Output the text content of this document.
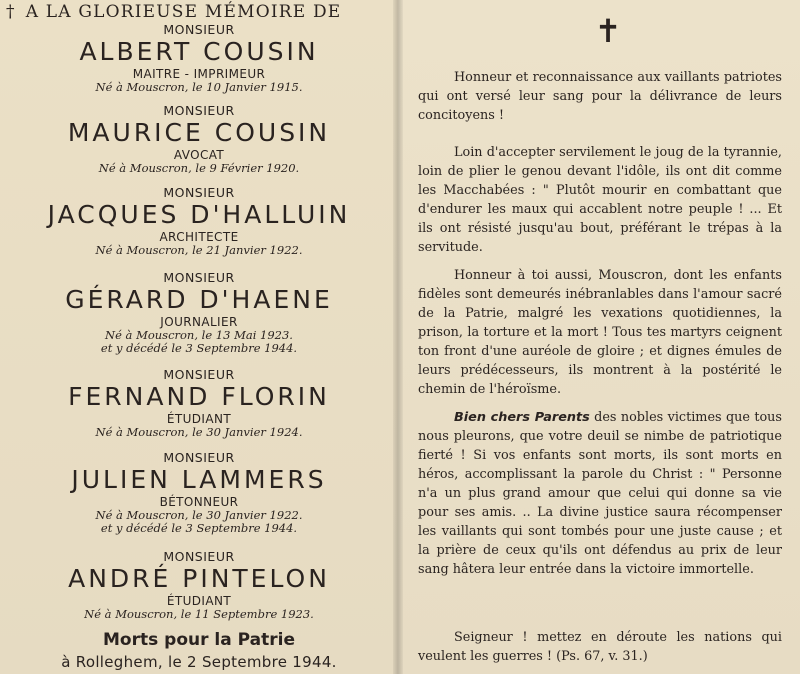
† A LA GLORIEUSE MÉMOIRE DE
MONSIEUR
ALBERT COUSIN
MAITRE - IMPRIMEUR
Né à Mouscron, le 10 Janvier 1915.
MONSIEUR
MAURICE COUSIN
AVOCAT
Né à Mouscron, le 9 Février 1920.
MONSIEUR
JACQUES D'HALLUIN
ARCHITECTE
Né à Mouscron, le 21 Janvier 1922.
MONSIEUR
GÉRARD D'HAENE
JOURNALIER
Né à Mouscron, le 13 Mai 1923.
et y décédé le 3 Septembre 1944.
MONSIEUR
FERNAND FLORIN
ÉTUDIANT
Né à Mouscron, le 30 Janvier 1924.
MONSIEUR
JULIEN LAMMERS
BÉTONNEUR
Né à Mouscron, le 30 Janvier 1922.
et y décédé le 3 Septembre 1944.
MONSIEUR
ANDRÉ PINTELON
ÉTUDIANT
Né à Mouscron, le 11 Septembre 1923.
Morts pour la Patrie
à Rolleghem, le 2 Septembre 1944.
✝
Honneur et reconnaissance aux vaillants patriotes qui ont versé leur sang pour la délivrance de leurs concitoyens !
Loin d'accepter servilement le joug de la tyrannie, loin de plier le genou devant l'idôle, ils ont dit comme les Macchabées : " Plutôt mourir en combattant que d'endurer les maux qui accablent notre peuple ! ... Et ils ont résisté jusqu'au bout, préférant le trépas à la servitude.
Honneur à toi aussi, Mouscron, dont les enfants fidèles sont demeurés inébranlables dans l'amour sacré de la Patrie, malgré les vexations quotidiennes, la prison, la torture et la mort ! Tous tes martyrs ceignent ton front d'une auréole de gloire ; et dignes émules de leurs prédécesseurs, ils montrent à la postérité le chemin de l'héroïsme.
Bien chers Parents des nobles victimes que tous nous pleurons, que votre deuil se nimbe de patriotique fierté ! Si vos enfants sont morts, ils sont morts en héros, accomplissant la parole du Christ : " Personne n'a un plus grand amour que celui qui donne sa vie pour ses amis. .. La divine justice saura récompenser les vaillants qui sont tombés pour une juste cause ; et la prière de ceux qu'ils ont défendus au prix de leur sang hâtera leur entrée dans la victoire immortelle.
Seigneur ! mettez en déroute les nations qui veulent les guerres ! (Ps. 67, v. 31.)
